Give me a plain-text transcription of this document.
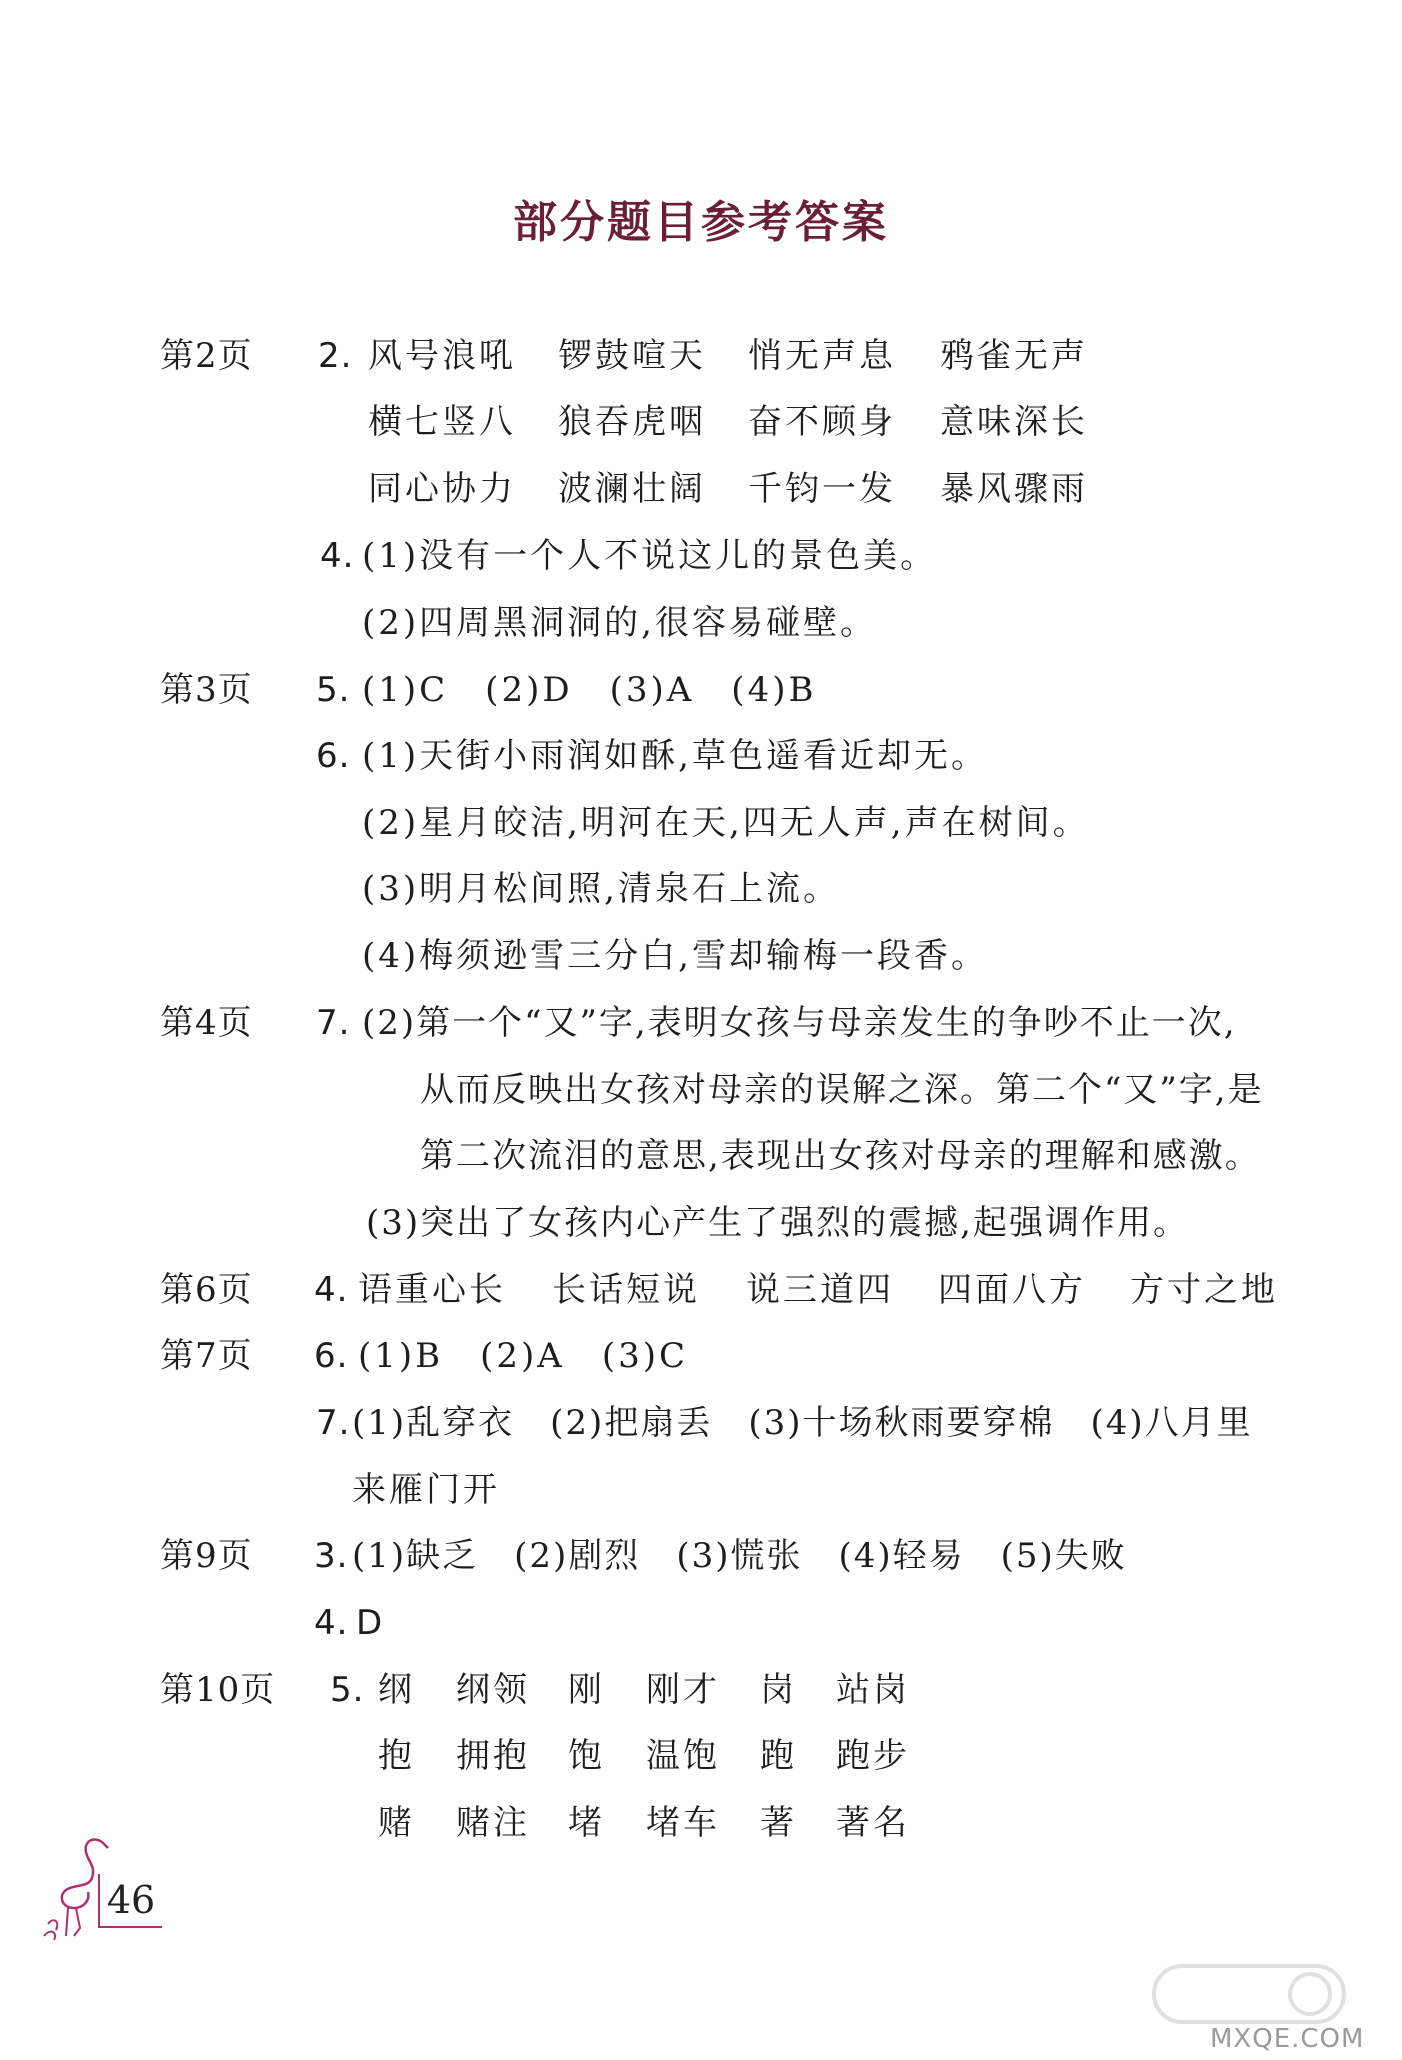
部分题目参考答案
第2页 2. 风号浪吼 锣鼓喧天 悄无声息 鸦雀无声
横七竖八 狼吞虎咽 奋不顾身 意味深长
同心协力 波澜壮阔 千钧一发 暴风骤雨
4. (1)没有一个人不说这儿的景色美。
(2)四周黑洞洞的,很容易碰壁。
第3页 5. (1)C　(2)D　(3)A　(4)B
6. (1)天街小雨润如酥,草色遥看近却无。
(2)星月皎洁,明河在天,四无人声,声在树间。
(3)明月松间照,清泉石上流。
(4)梅须逊雪三分白,雪却输梅一段香。
第4页 7. (2)第一个“又”字,表明女孩与母亲发生的争吵不止一次,
从而反映出女孩对母亲的误解之深。第二个“又”字,是
第二次流泪的意思,表现出女孩对母亲的理解和感激。
(3)突出了女孩内心产生了强烈的震撼,起强调作用。
第6页 4. 语重心长 长话短说 说三道四 四面八方 方寸之地
第7页 6. (1)B　(2)A　(3)C
7. (1)乱穿衣　(2)把扇丢　(3)十场秋雨要穿棉　(4)八月里
来雁门开
第9页 3. (1)缺乏　(2)剧烈　(3)慌张　(4)轻易　(5)失败
4. D
第10页 5. 纲 纲领 刚 刚才 岗 站岗
抱 拥抱 饱 温饱 跑 跑步
赌 赌注 堵 堵车 著 著名
46
MXQE.COM
